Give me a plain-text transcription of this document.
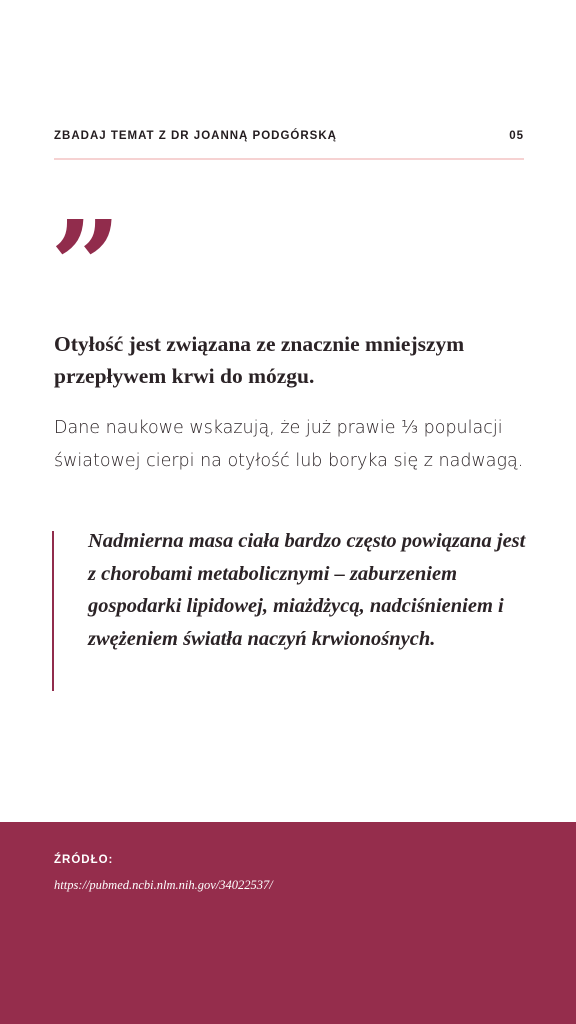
ZBADAJ TEMAT Z DR JOANNĄ PODGÓRSKĄ	05
”

Otyłość jest związana ze znacznie mniejszym przepływem krwi do mózgu.

Dane naukowe wskazują, że już prawie ⅓ populacji światowej cierpi na otyłość lub boryka się z nadwagą.

Nadmierna masa ciała bardzo często powiązana jest z chorobami metabolicznymi – zaburzeniem gospodarki lipidowej, miażdżycą, nadciśnieniem i zwężeniem światła naczyń krwionośnych.

ŹRÓDŁO:
https://pubmed.ncbi.nlm.nih.gov/34022537/
